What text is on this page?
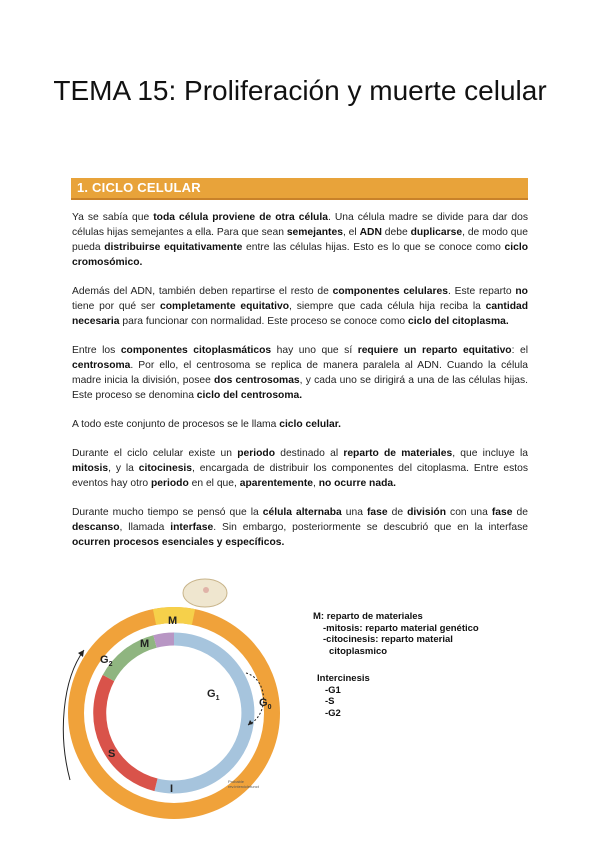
TEMA 15: Proliferación y muerte celular
1. CICLO CELULAR

Ya se sabía que toda célula proviene de otra célula. Una célula madre se divide para dar dos células hijas semejantes a ella. Para que sean semejantes, el ADN debe duplicarse, de modo que pueda distribuirse equitativamente entre las células hijas. Esto es lo que se conoce como ciclo cromosómico.

Además del ADN, también deben repartirse el resto de componentes celulares. Este reparto no tiene por qué ser completamente equitativo, siempre que cada célula hija reciba la cantidad necesaria para funcionar con normalidad. Este proceso se conoce como ciclo del citoplasma.

Entre los componentes citoplasmáticos hay uno que sí requiere un reparto equitativo: el centrosoma. Por ello, el centrosoma se replica de manera paralela al ADN. Cuando la célula madre inicia la división, posee dos centrosomas, y cada uno se dirigirá a una de las células hijas. Este proceso se denomina ciclo del centrosoma.

A todo este conjunto de procesos se le llama ciclo celular.

Durante el ciclo celular existe un periodo destinado al reparto de materiales, que incluye la mitosis, y la citocinesis, encargada de distribuir los componentes del citoplasma. Entre estos eventos hay otro periodo en el que, aparentemente, no ocurre nada.

Durante mucho tiempo se pensó que la célula alternaba una fase de división con una fase de descanso, llamada interfase. Sin embargo, posteriormente se descubrió que en la interfase ocurren procesos esenciales y específicos.

M
M
$G_2$
$G_1$
S
I
$G_0$
Probable
rev.interciclefunct
M: reparto de materiales
-mitosis: reparto material genético
-citocinesis: reparto material
citoplasmico
Intercinesis
-G1
-S
-G2
